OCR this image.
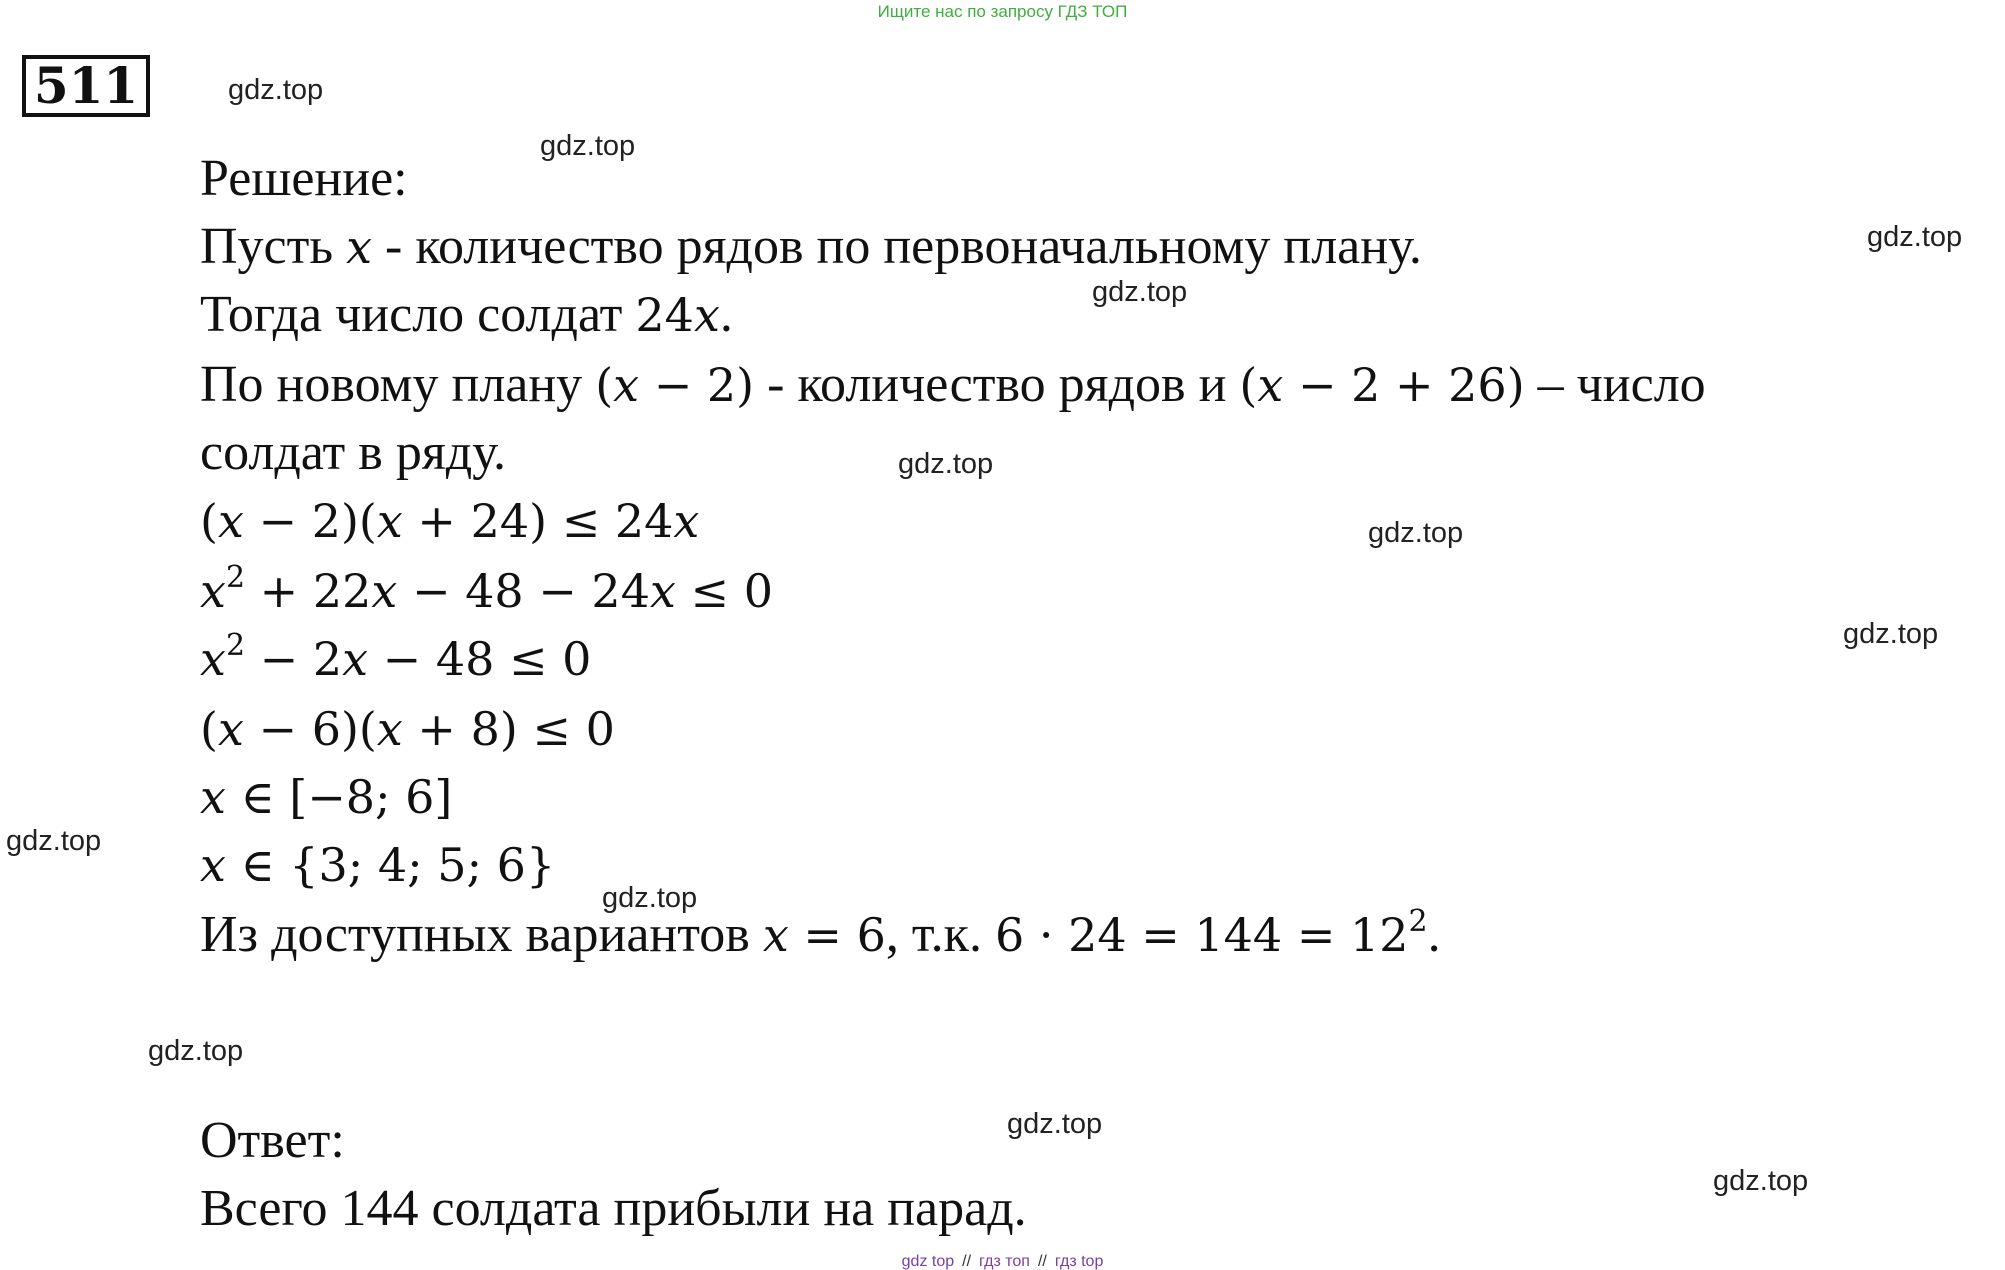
Ищите нас по запросу ГДЗ ТОП
511	gdz.top
gdz.top
gdz.top
gdz.top
gdz.top
gdz.top
gdz.top
gdz.top
gdz.top
gdz.top
gdz.top
gdz.top
Решение:
Пусть x - количество рядов по первоначальному плану.
Тогда число солдат 24x.
По новому плану (x − 2) - количество рядов и (x − 2 + 26) – число
солдат в ряду.
(x − 2)(x + 24) ≤ 24x
$x^2 + 22x - 48 - 24x \le 0$
$x^2 - 2x - 48 \le 0$
(x − 6)(x + 8) ≤ 0
x ∈ [−8; 6]
x ∈ {3; 4; 5; 6}
Из доступных вариантов x = 6, т.к. $6 \cdot 24 = 144 = 12^2$.
Ответ:
Всего 144 солдата прибыли на парад.
gdz top // гдз топ // гдз top
